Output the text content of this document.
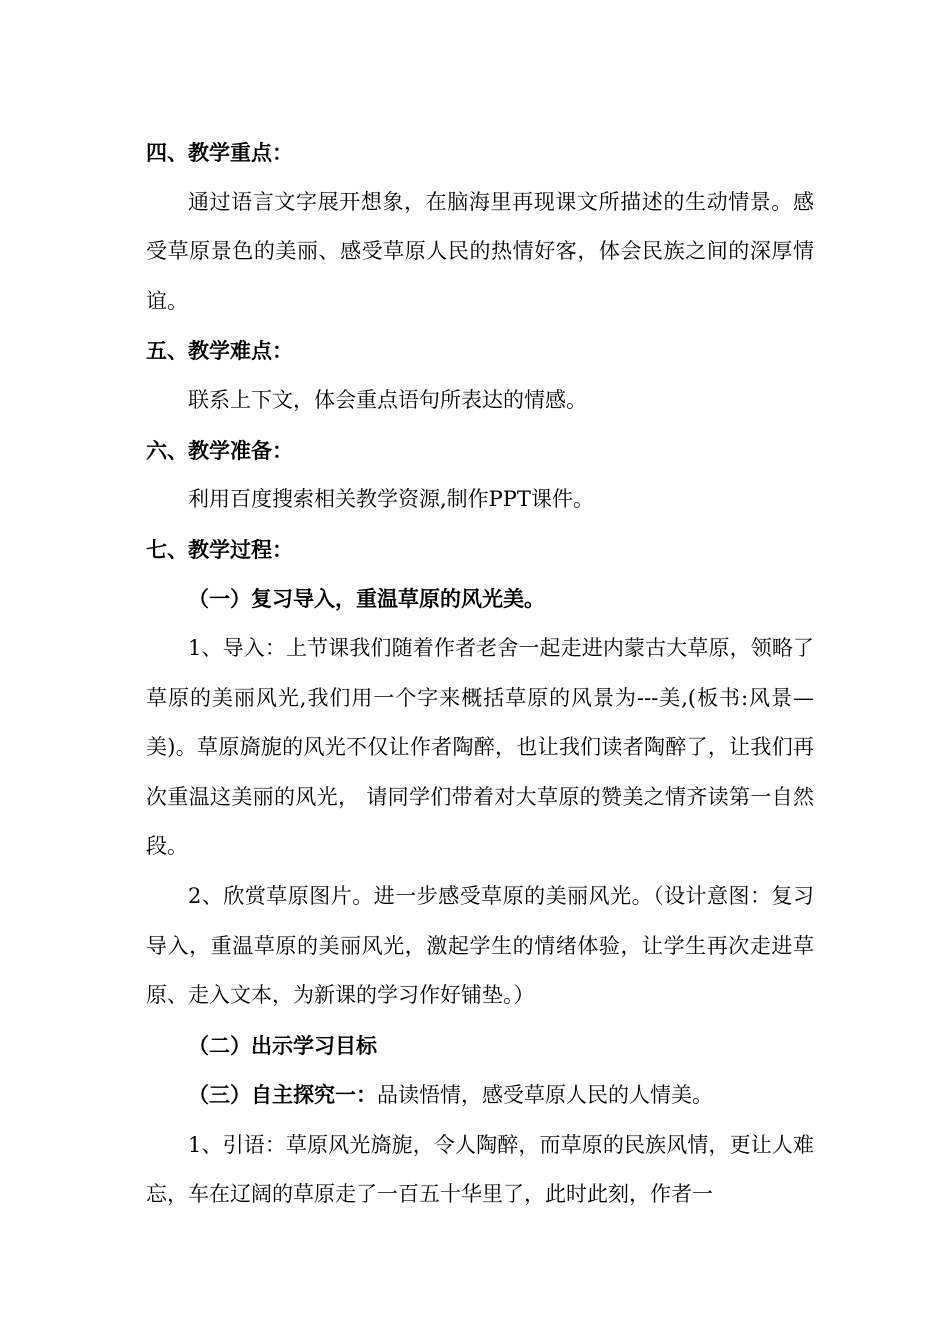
四、教学重点：

通过语言文字展开想象，在脑海里再现课文所描述的生动情景。感受草原景色的美丽、感受草原人民的热情好客，体会民族之间的深厚情谊。

五、教学难点：

联系上下文，体会重点语句所表达的情感。

六、教学准备：

利用百度搜索相关教学资源,制作PPT课件。

七、教学过程：

（一）复习导入，重温草原的风光美。

1、导入：上节课我们随着作者老舍一起走进内蒙古大草原，领略了草原的美丽风光,我们用一个字来概括草原的风景为---美,(板书:风景—美)。草原旖旎的风光不仅让作者陶醉，也让我们读者陶醉了，让我们再次重温这美丽的风光， 请同学们带着对大草原的赞美之情齐读第一自然段。

2、欣赏草原图片。进一步感受草原的美丽风光。（设计意图：复习导入，重温草原的美丽风光，激起学生的情绪体验，让学生再次走进草原、走入文本，为新课的学习作好铺垫。）

（二）出示学习目标

（三）自主探究一：品读悟情，感受草原人民的人情美。

1、引语：草原风光旖旎，令人陶醉，而草原的民族风情，更让人难忘，车在辽阔的草原走了一百五十华里了，此时此刻，作者一
